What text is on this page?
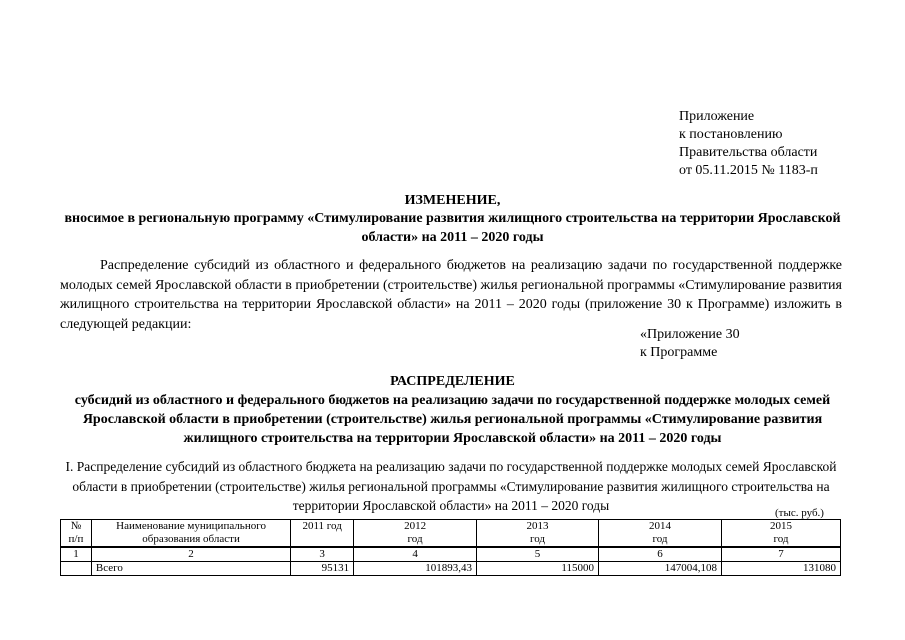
Приложение
к постановлению
Правительства области
от 05.11.2015 № 1183-п
ИЗМЕНЕНИЕ,
вносимое в региональную программу «Стимулирование развития жилищного строительства на территории Ярославской области» на 2011 – 2020 годы
Распределение субсидий из областного и федерального бюджетов на реализацию задачи по государственной поддержке молодых семей Ярославской области в приобретении (строительстве) жилья региональной программы «Стимулирование развития жилищного строительства на территории Ярославской области» на 2011 – 2020 годы (приложение 30 к Программе) изложить в следующей редакции:
«Приложение 30
к Программе
РАСПРЕДЕЛЕНИЕ
субсидий из областного и федерального бюджетов на реализацию задачи по государственной поддержке молодых семей Ярославской области в приобретении (строительстве) жилья региональной программы «Стимулирование развития жилищного строительства на территории Ярославской области» на 2011 – 2020 годы
I. Распределение субсидий из областного бюджета на реализацию задачи по государственной поддержке молодых семей Ярославской области в приобретении (строительстве) жилья региональной программы «Стимулирование развития жилищного строительства на территории Ярославской области» на 2011 – 2020 годы	(тыс. руб.)
№ п/п	Наименование муниципального образования области	2011 год	2012 год	2013 год	2014 год	2015 год
1	2	3	4	5	6	7
	Всего	95131	101893,43	115000	147004,108	131080
